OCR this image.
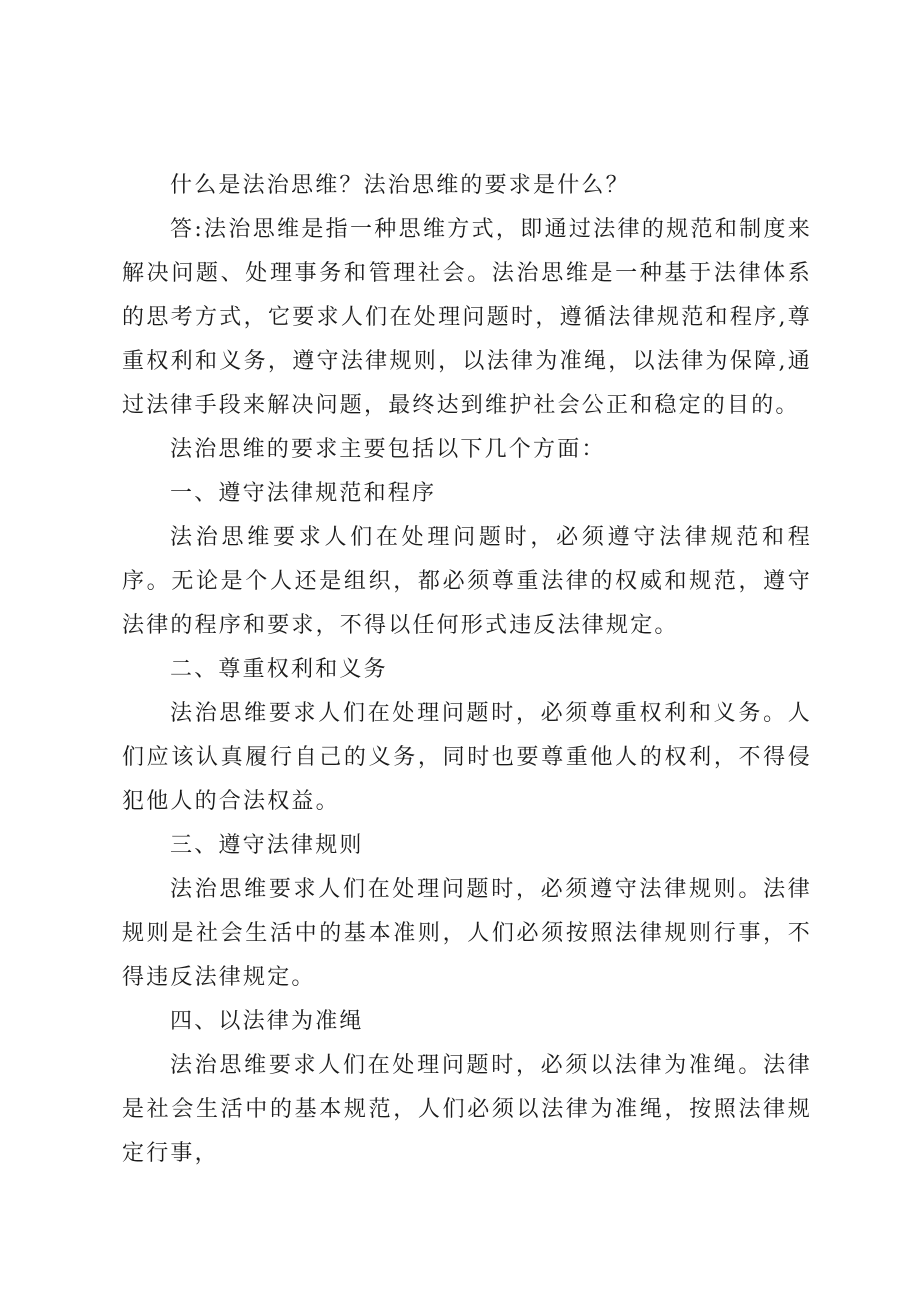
什么是法治思维？法治思维的要求是什么？

答:法治思维是指一种思维方式，即通过法律的规范和制度来解决问题、处理事务和管理社会。法治思维是一种基于法律体系的思考方式，它要求人们在处理问题时，遵循法律规范和程序,尊重权利和义务，遵守法律规则，以法律为准绳，以法律为保障,通过法律手段来解决问题，最终达到维护社会公正和稳定的目的。

法治思维的要求主要包括以下几个方面：

一、遵守法律规范和程序

法治思维要求人们在处理问题时，必须遵守法律规范和程序。无论是个人还是组织，都必须尊重法律的权威和规范，遵守法律的程序和要求，不得以任何形式违反法律规定。

二、尊重权利和义务

法治思维要求人们在处理问题时，必须尊重权利和义务。人们应该认真履行自己的义务，同时也要尊重他人的权利，不得侵犯他人的合法权益。

三、遵守法律规则

法治思维要求人们在处理问题时，必须遵守法律规则。法律规则是社会生活中的基本准则，人们必须按照法律规则行事，不得违反法律规定。

四、以法律为准绳

法治思维要求人们在处理问题时，必须以法律为准绳。法律是社会生活中的基本规范，人们必须以法律为准绳，按照法律规定行事，
